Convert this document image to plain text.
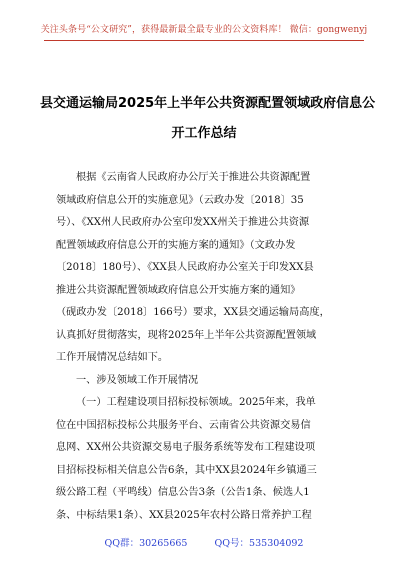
关注头条号“公文研究”，获得最新最全最专业的公文资料库！ 微信：gongwenyj
县交通运输局2025年上半年公共资源配置领域政府信息公
开工作总结
根据《云南省人民政府办公厅关于推进公共资源配置
领域政府信息公开的实施意见》（云政办发〔2018〕35
号）、《XX州人民政府办公室印发XX州关于推进公共资源
配置领域政府信息公开的实施方案的通知》（文政办发
〔2018〕180号）、《XX县人民政府办公室关于印发XX县
推进公共资源配置领域政府信息公开实施方案的通知》
（砚政办发〔2018〕166号）要求，XX县交通运输局高度，
认真抓好贯彻落实，现将2025年上半年公共资源配置领域
工作开展情况总结如下。
一、涉及领域工作开展情况
（一）工程建设项目招标投标领域。2025年来，我单
位在中国招标投标公共服务平台、云南省公共资源交易信
息网、XX州公共资源交易电子服务系统等发布工程建设项
目招标投标相关信息公告6条，其中XX县2024年乡镇通三
级公路工程（平鸣线）信息公告3条（公告1条、候选人1
条、中标结果1条）、XX县2025年农村公路日常养护工程
QQ群：30265665	QQ号：535304092
